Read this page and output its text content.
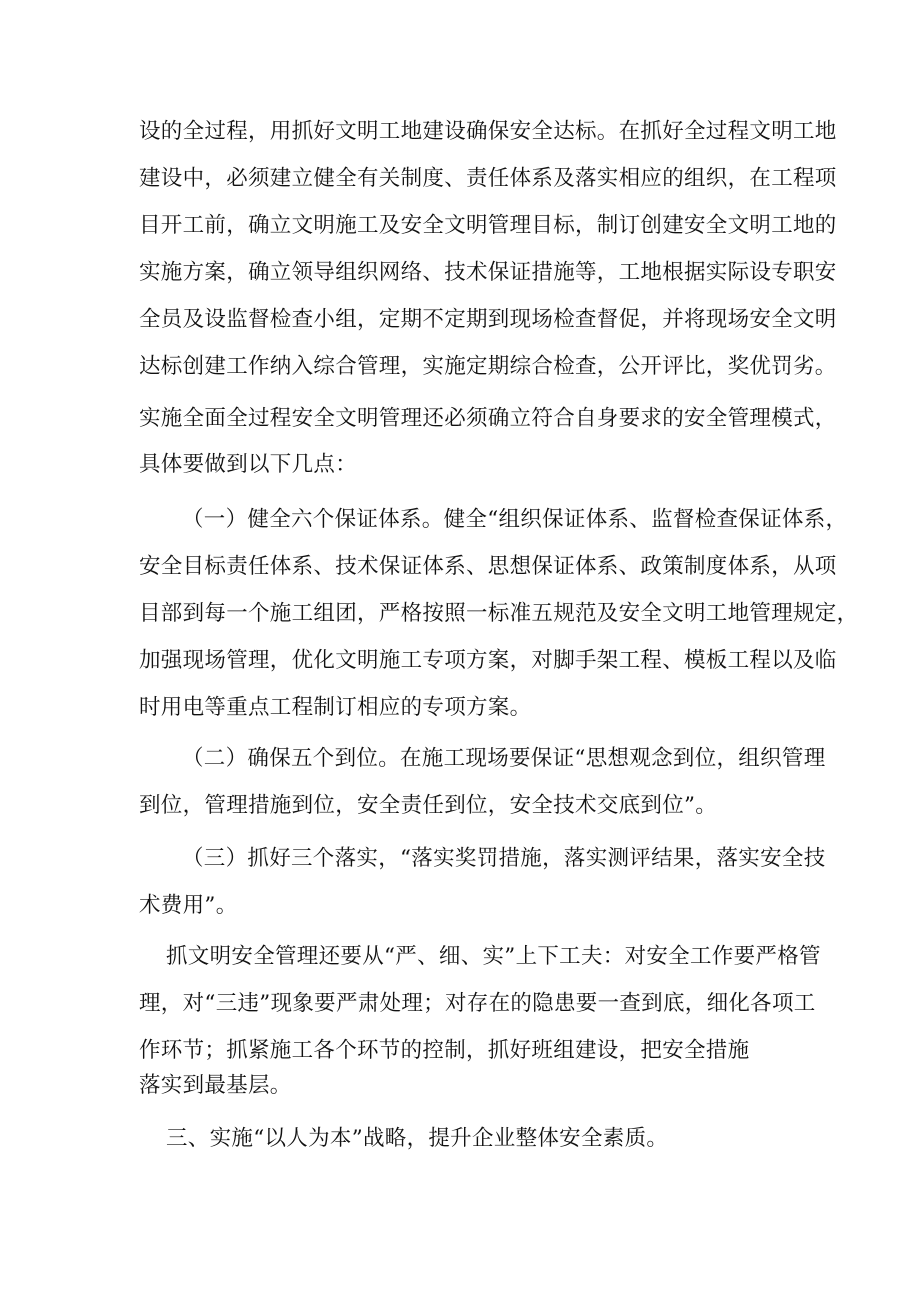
设的全过程，用抓好文明工地建设确保安全达标。在抓好全过程文明工地
建设中，必须建立健全有关制度、责任体系及落实相应的组织，在工程项
目开工前，确立文明施工及安全文明管理目标，制订创建安全文明工地的
实施方案，确立领导组织网络、技术保证措施等，工地根据实际设专职安
全员及设监督检查小组，定期不定期到现场检查督促，并将现场安全文明
达标创建工作纳入综合管理，实施定期综合检查，公开评比，奖优罚劣。
实施全面全过程安全文明管理还必须确立符合自身要求的安全管理模式，
具体要做到以下几点：
（一）健全六个保证体系。健全“组织保证体系、监督检查保证体系，
安全目标责任体系、技术保证体系、思想保证体系、政策制度体系，从项
目部到每一个施工组团，严格按照一标准五规范及安全文明工地管理规定，
加强现场管理，优化文明施工专项方案，对脚手架工程、模板工程以及临
时用电等重点工程制订相应的专项方案。
（二）确保五个到位。在施工现场要保证“思想观念到位，组织管理
到位，管理措施到位，安全责任到位，安全技术交底到位”。
（三）抓好三个落实，“落实奖罚措施，落实测评结果，落实安全技
术费用”。
抓文明安全管理还要从“严、细、实”上下工夫：对安全工作要严格管
理，对“三违”现象要严肃处理；对存在的隐患要一查到底，细化各项工
作环节；抓紧施工各个环节的控制，抓好班组建设，把安全措施
落实到最基层。
三、实施“以人为本”战略，提升企业整体安全素质。
